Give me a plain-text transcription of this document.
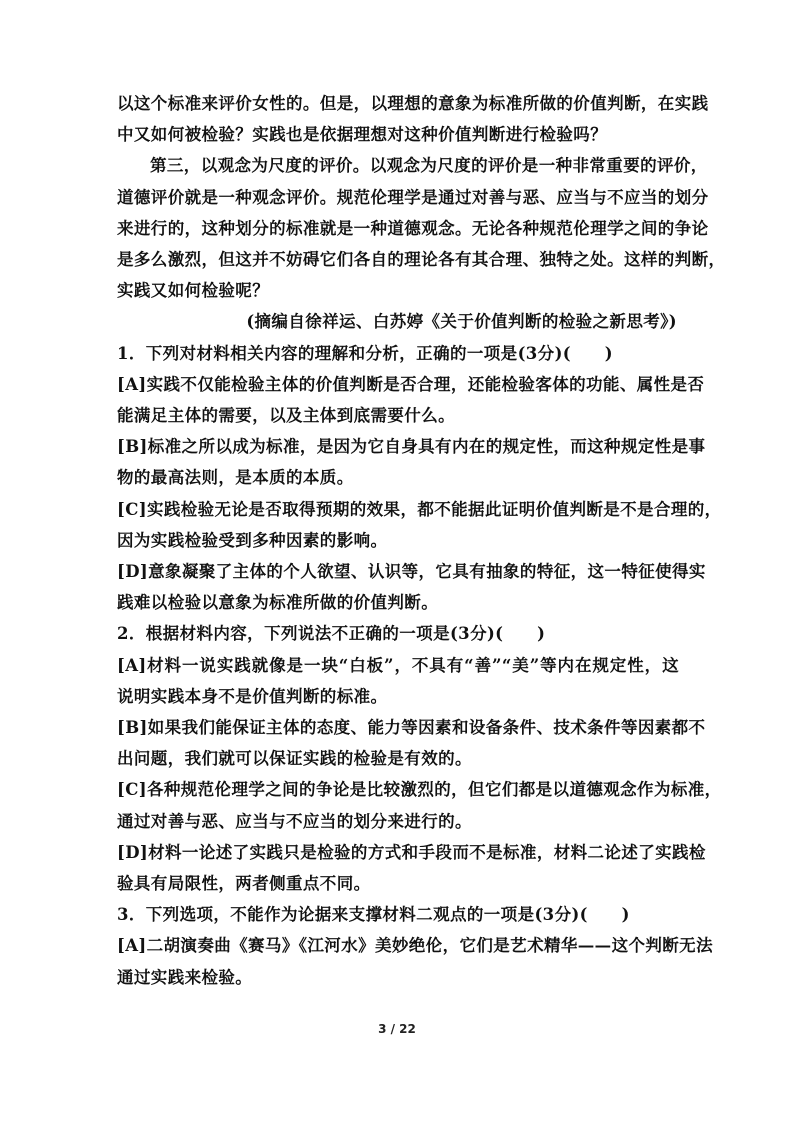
以这个标准来评价女性的。但是，以理想的意象为标准所做的价值判断，在实践
中又如何被检验？实践也是依据理想对这种价值判断进行检验吗？
第三，以观念为尺度的评价。以观念为尺度的评价是一种非常重要的评价，
道德评价就是一种观念评价。规范伦理学是通过对善与恶、应当与不应当的划分
来进行的，这种划分的标准就是一种道德观念。无论各种规范伦理学之间的争论
是多么激烈，但这并不妨碍它们各自的理论各有其合理、独特之处。这样的判断，
实践又如何检验呢？
(摘编自徐祥运、白苏婷《关于价值判断的检验之新思考》)
1．下列对材料相关内容的理解和分析，正确的一项是(3分)(　　)
[A]实践不仅能检验主体的价值判断是否合理，还能检验客体的功能、属性是否
能满足主体的需要，以及主体到底需要什么。
[B]标准之所以成为标准，是因为它自身具有内在的规定性，而这种规定性是事
物的最高法则，是本质的本质。
[C]实践检验无论是否取得预期的效果，都不能据此证明价值判断是不是合理的，
因为实践检验受到多种因素的影响。
[D]意象凝聚了主体的个人欲望、认识等，它具有抽象的特征，这一特征使得实
践难以检验以意象为标准所做的价值判断。
2．根据材料内容，下列说法不正确的一项是(3分)(　　)
[A]材料一说实践就像是一块“白板”，不具有“善”“美”等内在规定性，这
说明实践本身不是价值判断的标准。
[B]如果我们能保证主体的态度、能力等因素和设备条件、技术条件等因素都不
出问题，我们就可以保证实践的检验是有效的。
[C]各种规范伦理学之间的争论是比较激烈的，但它们都是以道德观念作为标准，
通过对善与恶、应当与不应当的划分来进行的。
[D]材料一论述了实践只是检验的方式和手段而不是标准，材料二论述了实践检
验具有局限性，两者侧重点不同。
3．下列选项，不能作为论据来支撑材料二观点的一项是(3分)(　　)
[A]二胡演奏曲《赛马》《江河水》美妙绝伦，它们是艺术精华——这个判断无法
通过实践来检验。
3 / 22
